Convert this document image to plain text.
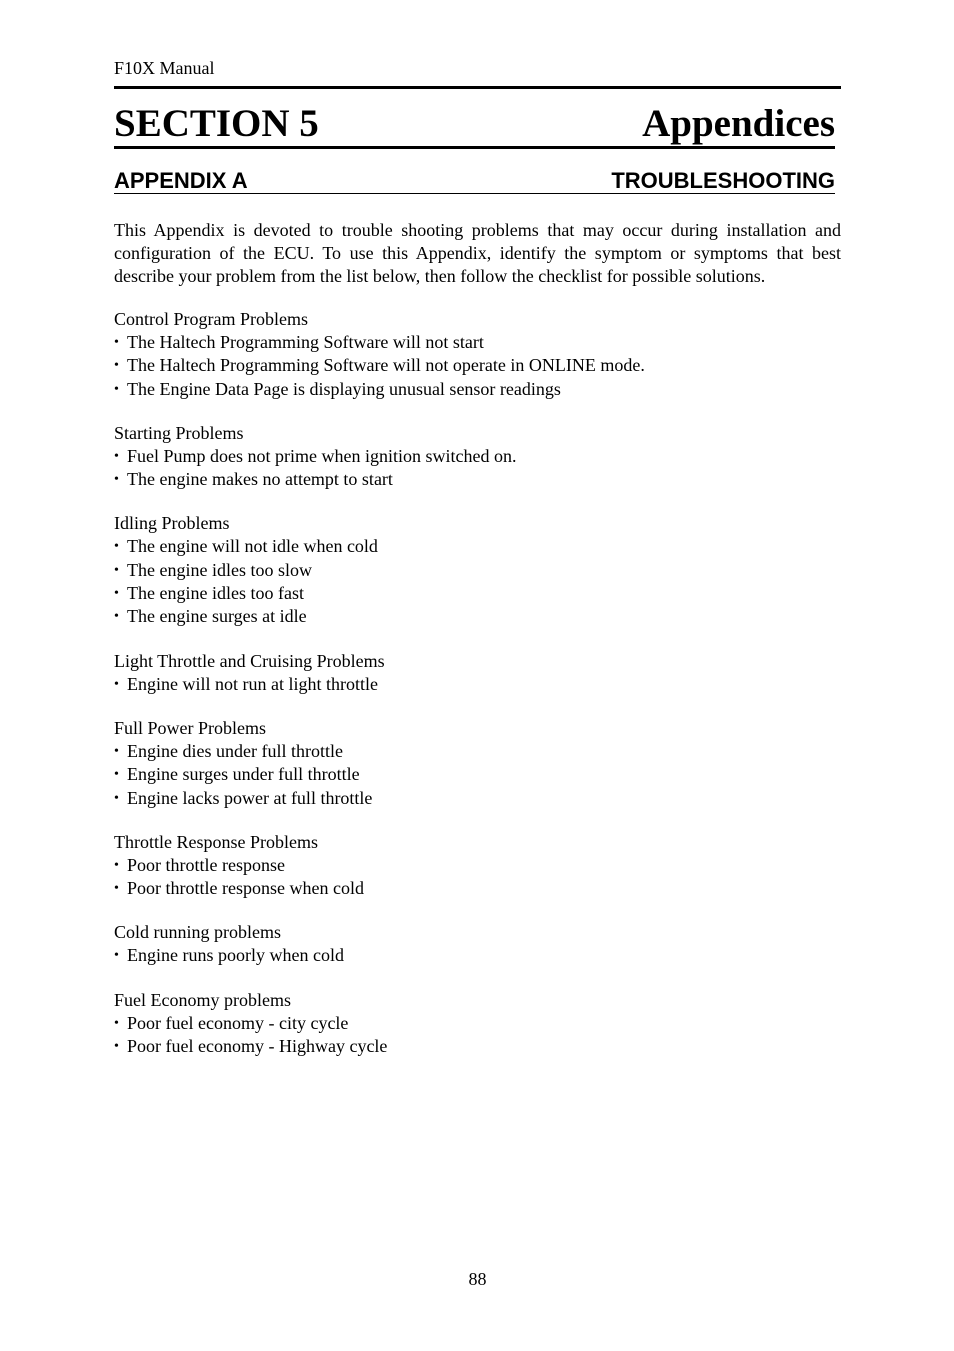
F10X Manual
SECTION 5	Appendices
APPENDIX A	TROUBLESHOOTING

This Appendix is devoted to trouble shooting problems that may occur during installation and configuration of the ECU. To use this Appendix, identify the symptom or symptoms that best describe your problem from the list below, then follow the checklist for possible solutions.

Control Program Problems

• The Haltech Programming Software will not start
• The Haltech Programming Software will not operate in ONLINE mode.
• The Engine Data Page is displaying unusual sensor readings

Starting Problems

• Fuel Pump does not prime when ignition switched on.
• The engine makes no attempt to start

Idling Problems

• The engine will not idle when cold
• The engine idles too slow
• The engine idles too fast
• The engine surges at idle

Light Throttle and Cruising Problems

• Engine will not run at light throttle

Full Power Problems

• Engine dies under full throttle
• Engine surges under full throttle
• Engine lacks power at full throttle

Throttle Response Problems

• Poor throttle response
• Poor throttle response when cold

Cold running problems

• Engine runs poorly when cold

Fuel Economy problems

• Poor fuel economy - city cycle
• Poor fuel economy - Highway cycle
88
